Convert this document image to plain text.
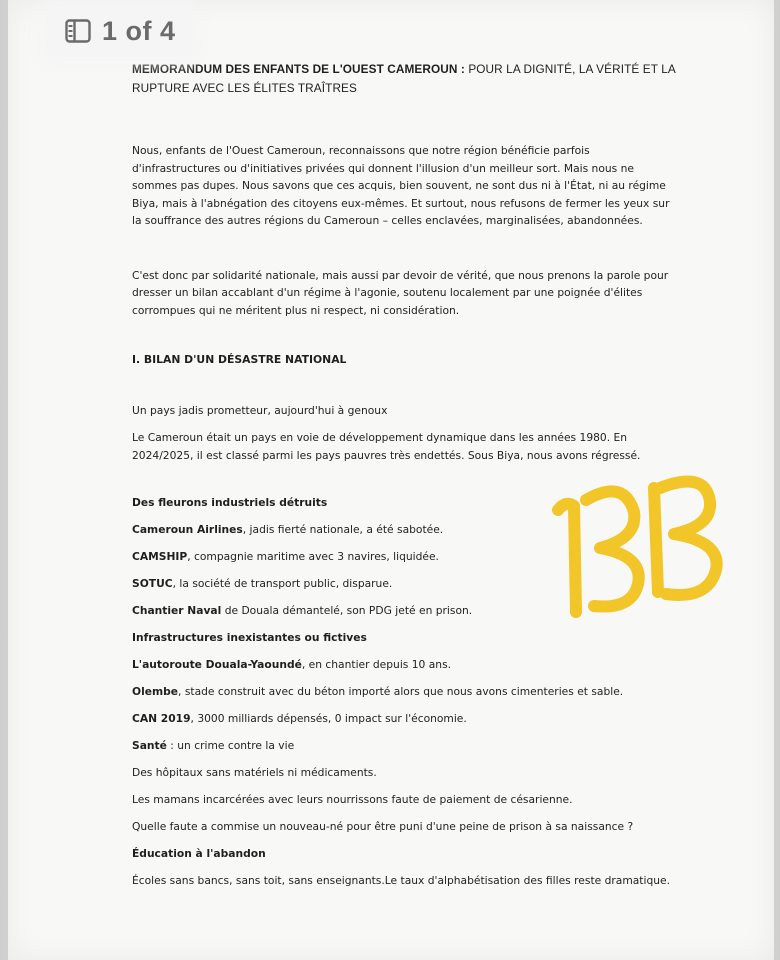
1 of 4

MEMORANDUM DES ENFANTS DE L'OUEST CAMEROUN : POUR LA DIGNITÉ, LA VÉRITÉ ET LA RUPTURE AVEC LES ÉLITES TRAÎTRES

Nous, enfants de l'Ouest Cameroun, reconnaissons que notre région bénéficie parfois d'infrastructures ou d'initiatives privées qui donnent l'illusion d'un meilleur sort. Mais nous ne sommes pas dupes. Nous savons que ces acquis, bien souvent, ne sont dus ni à l'État, ni au régime Biya, mais à l'abnégation des citoyens eux-mêmes. Et surtout, nous refusons de fermer les yeux sur la souffrance des autres régions du Cameroun – celles enclavées, marginalisées, abandonnées.

C'est donc par solidarité nationale, mais aussi par devoir de vérité, que nous prenons la parole pour dresser un bilan accablant d'un régime à l'agonie, soutenu localement par une poignée d'élites corrompues qui ne méritent plus ni respect, ni considération.

I. BILAN D'UN DÉSASTRE NATIONAL

Un pays jadis prometteur, aujourd'hui à genoux

Le Cameroun était un pays en voie de développement dynamique dans les années 1980. En 2024/2025, il est classé parmi les pays pauvres très endettés. Sous Biya, nous avons régressé.

Des fleurons industriels détruits

Cameroun Airlines, jadis fierté nationale, a été sabotée.

CAMSHIP, compagnie maritime avec 3 navires, liquidée.

SOTUC, la société de transport public, disparue.

Chantier Naval de Douala démantelé, son PDG jeté en prison.

Infrastructures inexistantes ou fictives

L'autoroute Douala-Yaoundé, en chantier depuis 10 ans.

Olembe, stade construit avec du béton importé alors que nous avons cimenteries et sable.

CAN 2019, 3000 milliards dépensés, 0 impact sur l'économie.

Santé : un crime contre la vie

Des hôpitaux sans matériels ni médicaments.

Les mamans incarcérées avec leurs nourrissons faute de paiement de césarienne.

Quelle faute a commise un nouveau-né pour être puni d'une peine de prison à sa naissance ?

Éducation à l'abandon

Écoles sans bancs, sans toit, sans enseignants.Le taux d'alphabétisation des filles reste dramatique.
